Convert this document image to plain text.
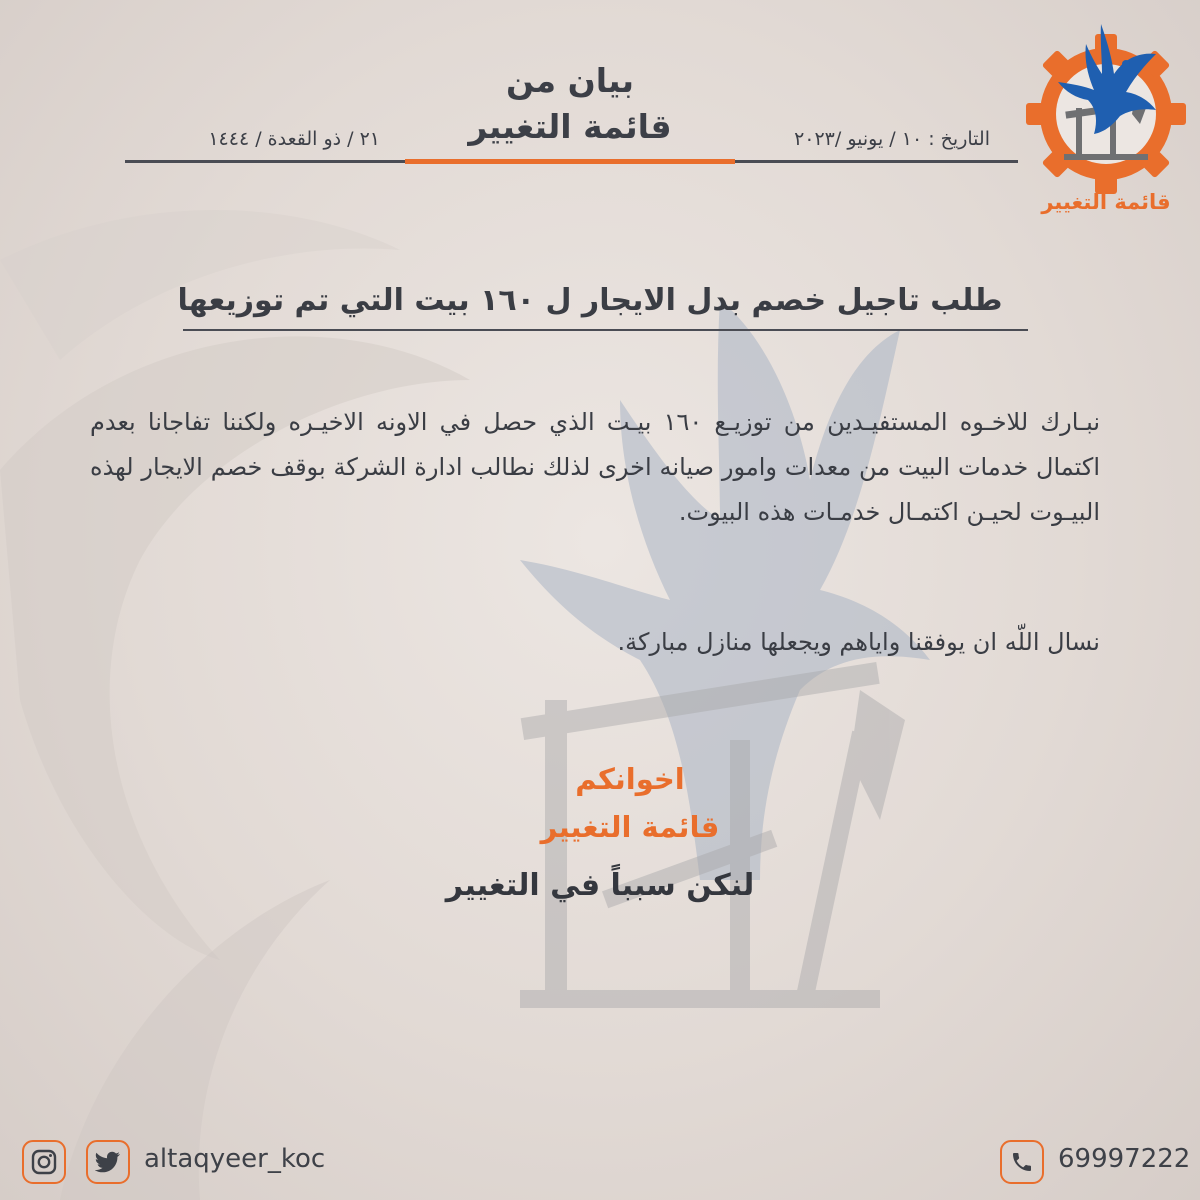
بيان من
قائمة التغيير	التاريخ : ١٠ / يونيو /٢٠٢٣
٢١ / ذو القعدة / ١٤٤٤
قائمة التغيير
طلب تاجيل خصم بدل الايجار ل ١٦٠ بيت التي تم توزيعها
نبـارك للاخـوه المستفيـدين من توزيـع ١٦٠ بيـت الذي حصل في الاونه الاخيـره ولكننا تفاجانا بعدم اكتمال خدمات البيت من معدات وامور صيانه اخرى لذلك نطالب ادارة الشركة بوقف خصم الايجار لهذه البيـوت لحيـن اكتمـال خدمـات هذه البيوت.
نسال اللّه ان يوفقنا واياهم ويجعلها منازل مباركة.
اخوانكم
قائمة التغيير
لنكن سبباً في التغيير
altaqyeer_koc	69997222
